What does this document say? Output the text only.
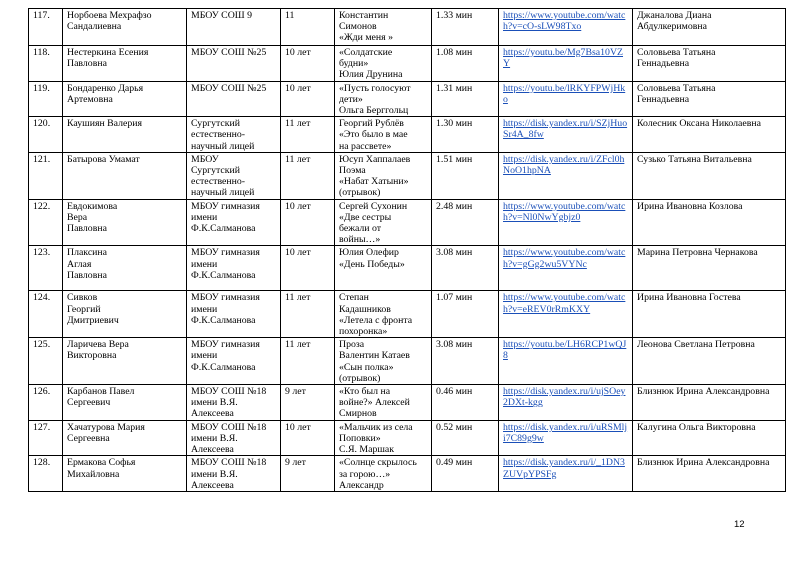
117.	Норбоева Мехрафзо
Сандалиевна	МБОУ СОШ 9	11	Константин
Симонов
«Жди меня »	1.33 мин	https://www.youtube.com/watch?v=cO-sLW98Txo	Джаналова Диана
Абдулкеримовна
118.	Нестеркина Есения
Павловна	МБОУ СОШ №25	10 лет	«Солдатские
будни»
Юлия Друнина	1.08 мин	https://youtu.be/Mg7Bsa10VZY	Соловьева Татьяна
Геннадьевна
119.	Бондаренко Дарья
Артемовна	МБОУ СОШ №25	10 лет	«Пусть голосуют
дети»
Ольга Берггольц	1.31 мин	https://youtu.be/lRKYFPWjHko	Соловьева Татьяна
Геннадьевна
120.	Каушиян Валерия	Сургутский
естественно-
научный лицей	11 лет	Георгий Рублёв
«Это было в мае
на рассвете»	1.30 мин	https://disk.yandex.ru/i/SZjHuoSr4A_8fw	Колесник Оксана Николаевна
121.	Батырова Умамат	МБОУ
Сургутский
естественно-
научный лицей	11 лет	Юсуп Хаппалаев
Поэма
«Набат Хатыни»
(отрывок)	1.51 мин	https://disk.yandex.ru/i/ZFcl0hNoO1hpNA	Сузько Татьяна Витальевна
122.	Евдокимова
Вера
Павловна	МБОУ гимназия
имени
Ф.К.Салманова	10 лет	Сергей Сухонин
«Две сестры
бежали от
войны…»	2.48 мин	https://www.youtube.com/watch?v=Nl0NwYgbjz0	Ирина Ивановна Козлова
123.	Плаксина
Аглая
Павловна	МБОУ гимназия
имени
Ф.К.Салманова	10 лет	Юлия Олефир
«День Победы»	3.08 мин	https://www.youtube.com/watch?v=gGg2wu5VYNc	Марина Петровна Чернакова
124.	Сивков
Георгий
Дмитриевич	МБОУ гимназия
имени
Ф.К.Салманова	11 лет	Степан
Кадашников
«Летела с фронта
похоронка»	1.07 мин	https://www.youtube.com/watch?v=eREV0rRmKXY	Ирина Ивановна Гостева
125.	Ларичева Вера
Викторовна	МБОУ гимназия
имени
Ф.К.Салманова	11 лет	Проза
Валентин Катаев
«Сын полка»
(отрывок)	3.08 мин	https://youtu.be/LH6RCP1wQJ8	Леонова Светлана Петровна
126.	Карбанов Павел
Сергеевич	МБОУ СОШ №18
имени В.Я.
Алексеева	9 лет	«Кто был на
войне?» Алексей
Смирнов	0.46 мин	https://disk.yandex.ru/i/ujSOey2DXt-kgg	Близнюк Ирина Александровна
127.	Хачатурова Мария
Сергеевна	МБОУ СОШ №18
имени В.Я.
Алексеева	10 лет	«Мальчик из села
Поповки»
С.Я. Маршак	0.52 мин	https://disk.yandex.ru/i/uRSMlji7C89g9w	Калугина Ольга Викторовна
128.	Ермакова Софья
Михайловна	МБОУ СОШ №18
имени В.Я.
Алексеева	9 лет	«Солнце скрылось
за горою…»
Александр	0.49 мин	https://disk.yandex.ru/i/_1DN3ZUVpYPSFg	Близнюк Ирина Александровна
12
